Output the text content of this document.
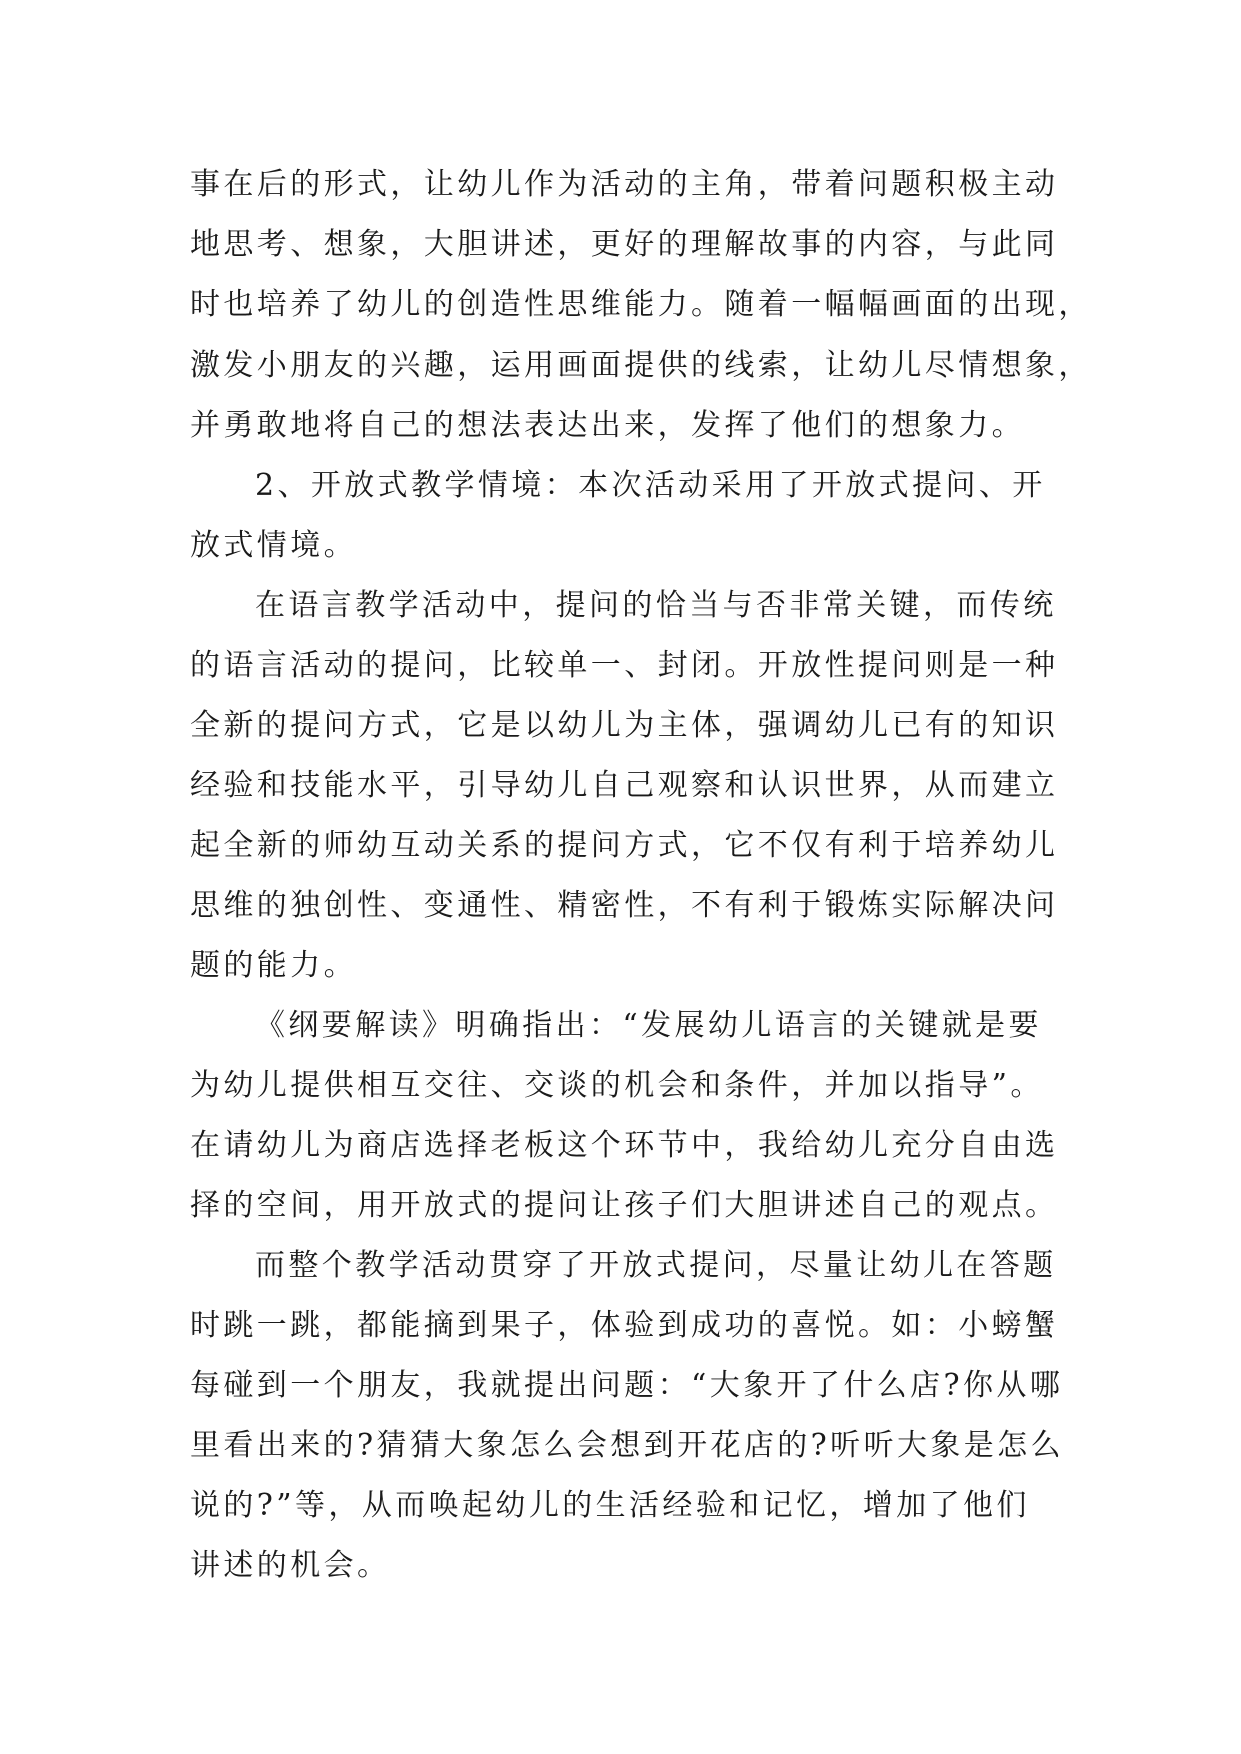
事在后的形式，让幼儿作为活动的主角，带着问题积极主动
地思考、想象，大胆讲述，更好的理解故事的内容，与此同
时也培养了幼儿的创造性思维能力。随着一幅幅画面的出现，
激发小朋友的兴趣，运用画面提供的线索，让幼儿尽情想象，
并勇敢地将自己的想法表达出来，发挥了他们的想象力。
2、开放式教学情境：本次活动采用了开放式提问、开
放式情境。
在语言教学活动中，提问的恰当与否非常关键，而传统
的语言活动的提问，比较单一、封闭。开放性提问则是一种
全新的提问方式，它是以幼儿为主体，强调幼儿已有的知识
经验和技能水平，引导幼儿自己观察和认识世界，从而建立
起全新的师幼互动关系的提问方式，它不仅有利于培养幼儿
思维的独创性、变通性、精密性，不有利于锻炼实际解决问
题的能力。
《纲要解读》明确指出：“发展幼儿语言的关键就是要
为幼儿提供相互交往、交谈的机会和条件，并加以指导”。
在请幼儿为商店选择老板这个环节中，我给幼儿充分自由选
择的空间，用开放式的提问让孩子们大胆讲述自己的观点。
而整个教学活动贯穿了开放式提问，尽量让幼儿在答题
时跳一跳，都能摘到果子，体验到成功的喜悦。如：小螃蟹
每碰到一个朋友，我就提出问题：“大象开了什么店?你从哪
里看出来的?猜猜大象怎么会想到开花店的?听听大象是怎么
说的?”等，从而唤起幼儿的生活经验和记忆，增加了他们
讲述的机会。
